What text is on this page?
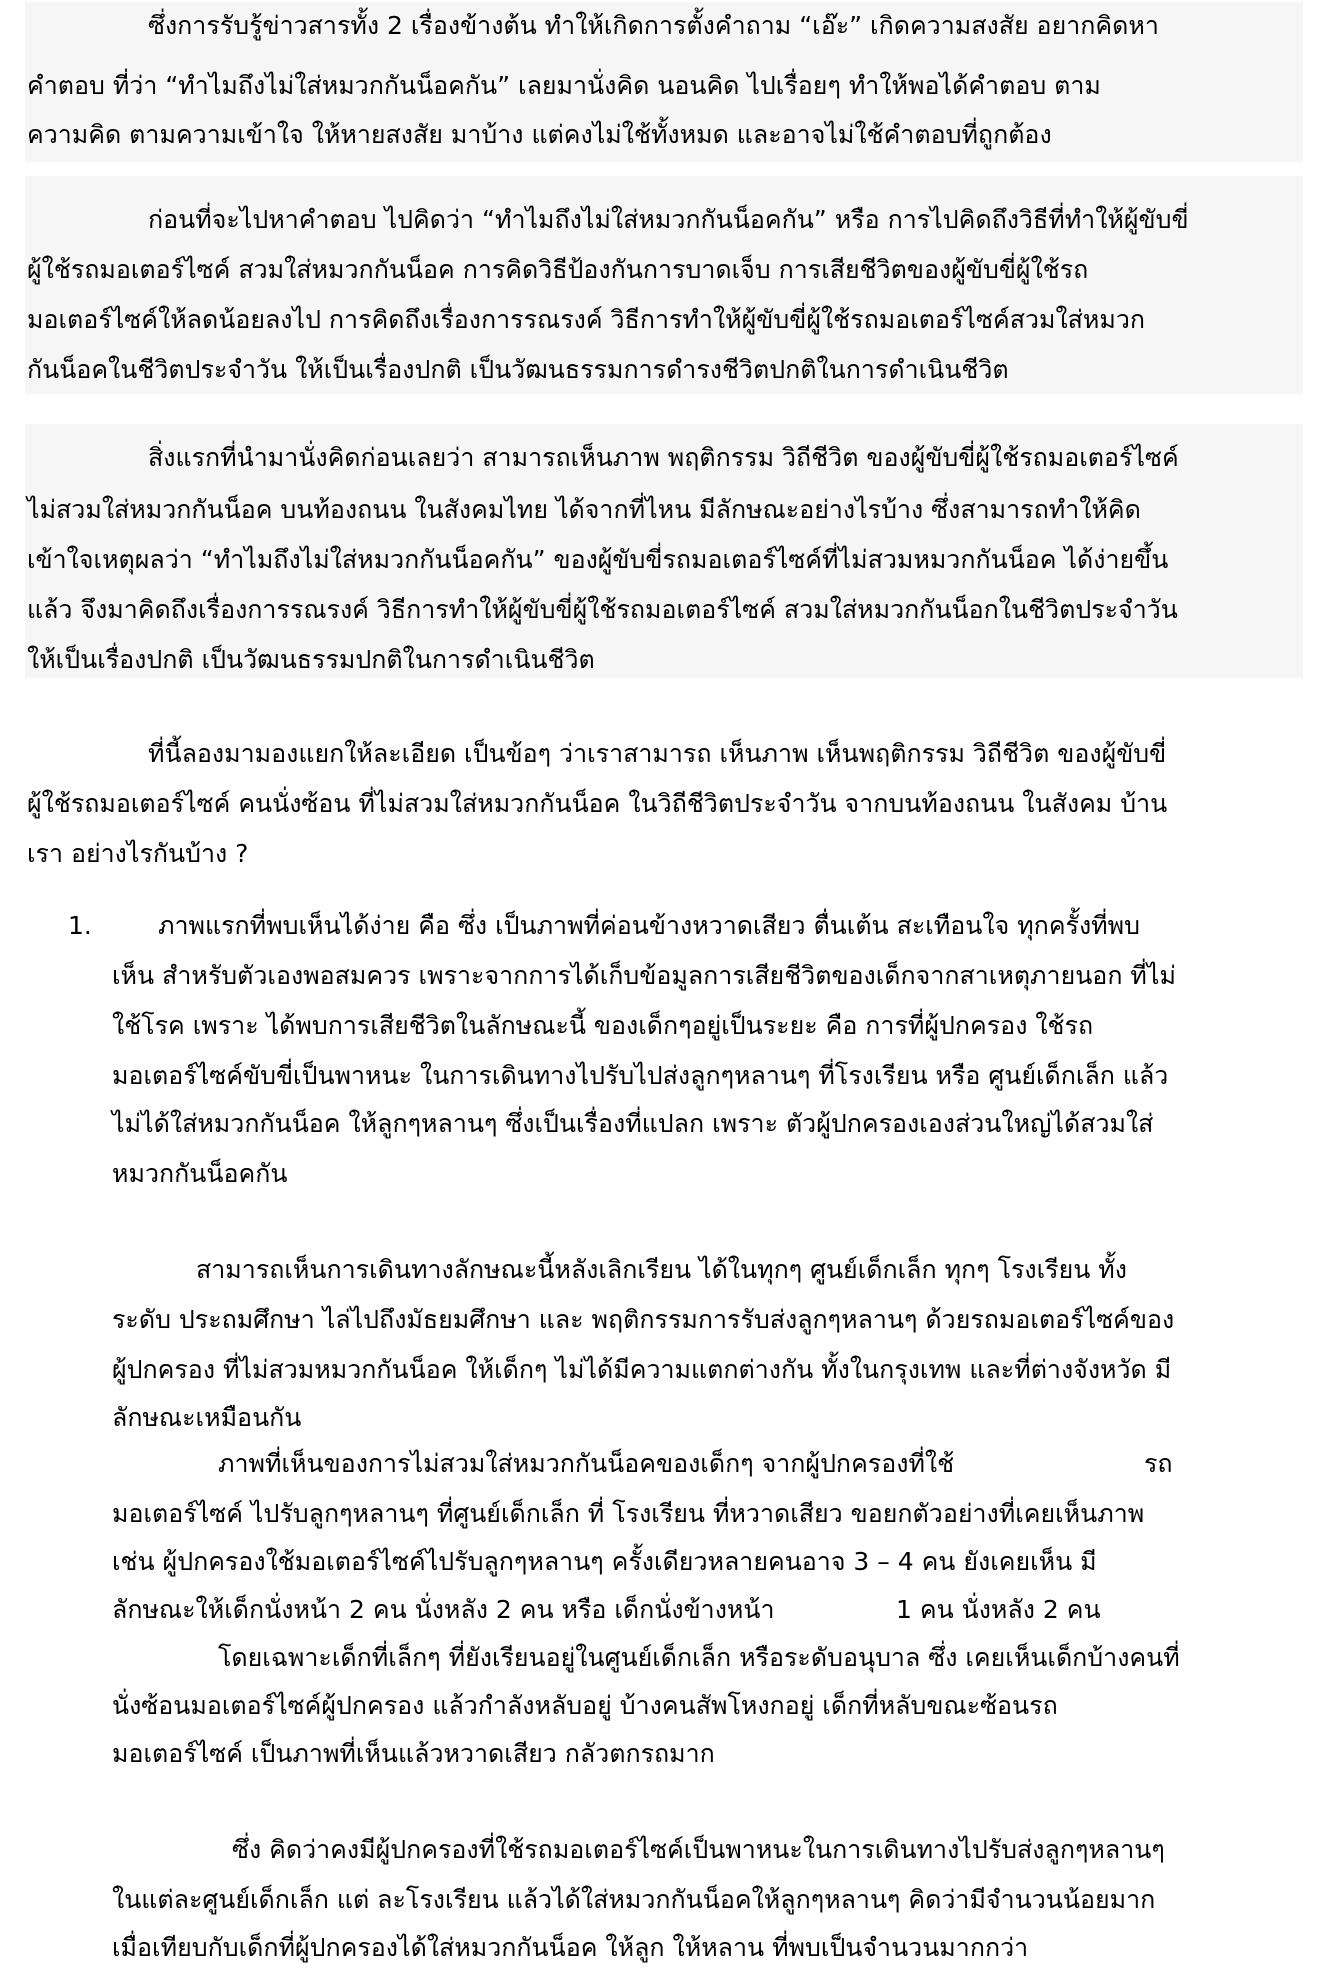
ซึ่งการรับรู้ข่าวสารทั้ง 2 เรื่องข้างต้น ทำให้เกิดการตั้งคำถาม “เอ๊ะ” เกิดความสงสัย อยากคิดหา
คำตอบ ที่ว่า “ทำไมถึงไม่ใส่หมวกกันน็อคกัน” เลยมานั่งคิด นอนคิด ไปเรื่อยๆ ทำให้พอได้คำตอบ ตาม
ความคิด ตามความเข้าใจ ให้หายสงสัย มาบ้าง แต่คงไม่ใช้ทั้งหมด และอาจไม่ใช้คำตอบที่ถูกต้อง
ก่อนที่จะไปหาคำตอบ ไปคิดว่า “ทำไมถึงไม่ใส่หมวกกันน็อคกัน” หรือ การไปคิดถึงวิธีที่ทำให้ผู้ขับขี่
ผู้ใช้รถมอเตอร์ไซค์ สวมใส่หมวกกันน็อค การคิดวิธีป้องกันการบาดเจ็บ การเสียชีวิตของผู้ขับขี่ผู้ใช้รถ
มอเตอร์ไซค์ให้ลดน้อยลงไป การคิดถึงเรื่องการรณรงค์ วิธีการทำให้ผู้ขับขี่ผู้ใช้รถมอเตอร์ไซค์สวมใส่หมวก
กันน็อคในชีวิตประจำวัน ให้เป็นเรื่องปกติ เป็นวัฒนธรรมการดำรงชีวิตปกติในการดำเนินชีวิต
สิ่งแรกที่นำมานั่งคิดก่อนเลยว่า สามารถเห็นภาพ พฤติกรรม วิถีชีวิต ของผู้ขับขี่ผู้ใช้รถมอเตอร์ไซค์
ไม่สวมใส่หมวกกันน็อค บนท้องถนน ในสังคมไทย ได้จากที่ไหน มีลักษณะอย่างไรบ้าง ซึ่งสามารถทำให้คิด
เข้าใจเหตุผลว่า “ทำไมถึงไม่ใส่หมวกกันน็อคกัน” ของผู้ขับขี่รถมอเตอร์ไซค์ที่ไม่สวมหมวกกันน็อค ได้ง่ายขึ้น
แล้ว จึงมาคิดถึงเรื่องการรณรงค์ วิธีการทำให้ผู้ขับขี่ผู้ใช้รถมอเตอร์ไซค์ สวมใส่หมวกกันน็อกในชีวิตประจำวัน
ให้เป็นเรื่องปกติ เป็นวัฒนธรรมปกติในการดำเนินชีวิต
ที่นี้ลองมามองแยกให้ละเอียด เป็นข้อๆ ว่าเราสามารถ เห็นภาพ เห็นพฤติกรรม วิถีชีวิต ของผู้ขับขี่
ผู้ใช้รถมอเตอร์ไซค์ คนนั่งซ้อน ที่ไม่สวมใส่หมวกกันน็อค ในวิถีชีวิตประจำวัน จากบนท้องถนน ในสังคม บ้าน
เรา อย่างไรกันบ้าง ?
1.	ภาพแรกที่พบเห็นได้ง่าย คือ ซึ่ง เป็นภาพที่ค่อนข้างหวาดเสียว ตื่นเต้น สะเทือนใจ ทุกครั้งที่พบ
เห็น สำหรับตัวเองพอสมควร เพราะจากการได้เก็บข้อมูลการเสียชีวิตของเด็กจากสาเหตุภายนอก ที่ไม่
ใช้โรค เพราะ ได้พบการเสียชีวิตในลักษณะนี้ ของเด็กๆอยู่เป็นระยะ คือ การที่ผู้ปกครอง ใช้รถ
มอเตอร์ไซค์ขับขี่เป็นพาหนะ ในการเดินทางไปรับไปส่งลูกๆหลานๆ ที่โรงเรียน หรือ ศูนย์เด็กเล็ก แล้ว
ไม่ได้ใส่หมวกกันน็อค ให้ลูกๆหลานๆ ซึ่งเป็นเรื่องที่แปลก เพราะ ตัวผู้ปกครองเองส่วนใหญ่ได้สวมใส่
หมวกกันน็อคกัน
สามารถเห็นการเดินทางลักษณะนี้หลังเลิกเรียน ได้ในทุกๆ ศูนย์เด็กเล็ก ทุกๆ โรงเรียน ทั้ง
ระดับ ประถมศึกษา ไล่ไปถึงมัธยมศึกษา และ พฤติกรรมการรับส่งลูกๆหลานๆ ด้วยรถมอเตอร์ไซค์ของ
ผู้ปกครอง ที่ไม่สวมหมวกกันน็อค ให้เด็กๆ ไม่ได้มีความแตกต่างกัน ทั้งในกรุงเทพ และที่ต่างจังหวัด มี
ลักษณะเหมือนกัน
ภาพที่เห็นของการไม่สวมใส่หมวกกันน็อคของเด็กๆ จากผู้ปกครองที่ใช้	รถ
มอเตอร์ไซค์ ไปรับลูกๆหลานๆ ที่ศูนย์เด็กเล็ก ที่ โรงเรียน ที่หวาดเสียว ขอยกตัวอย่างที่เคยเห็นภาพ
เช่น ผู้ปกครองใช้มอเตอร์ไซค์ไปรับลูกๆหลานๆ ครั้งเดียวหลายคนอาจ 3 – 4 คน ยังเคยเห็น มี
ลักษณะให้เด็กนั่งหน้า 2 คน นั่งหลัง 2 คน หรือ เด็กนั่งข้างหน้า	1 คน นั่งหลัง 2 คน
โดยเฉพาะเด็กที่เล็กๆ ที่ยังเรียนอยู่ในศูนย์เด็กเล็ก หรือระดับอนุบาล ซึ่ง เคยเห็นเด็กบ้างคนที่
นั่งซ้อนมอเตอร์ไซค์ผู้ปกครอง แล้วกำลังหลับอยู่ บ้างคนสัพโหงกอยู่ เด็กที่หลับขณะซ้อนรถ
มอเตอร์ไซค์ เป็นภาพที่เห็นแล้วหวาดเสียว กลัวตกรถมาก
ซึ่ง คิดว่าคงมีผู้ปกครองที่ใช้รถมอเตอร์ไซค์เป็นพาหนะในการเดินทางไปรับส่งลูกๆหลานๆ
ในแต่ละศูนย์เด็กเล็ก แต่ ละโรงเรียน แล้วได้ใส่หมวกกันน็อคให้ลูกๆหลานๆ คิดว่ามีจำนวนน้อยมาก
เมื่อเทียบกับเด็กที่ผู้ปกครองได้ใส่หมวกกันน็อค ให้ลูก ให้หลาน ที่พบเป็นจำนวนมากกว่า
